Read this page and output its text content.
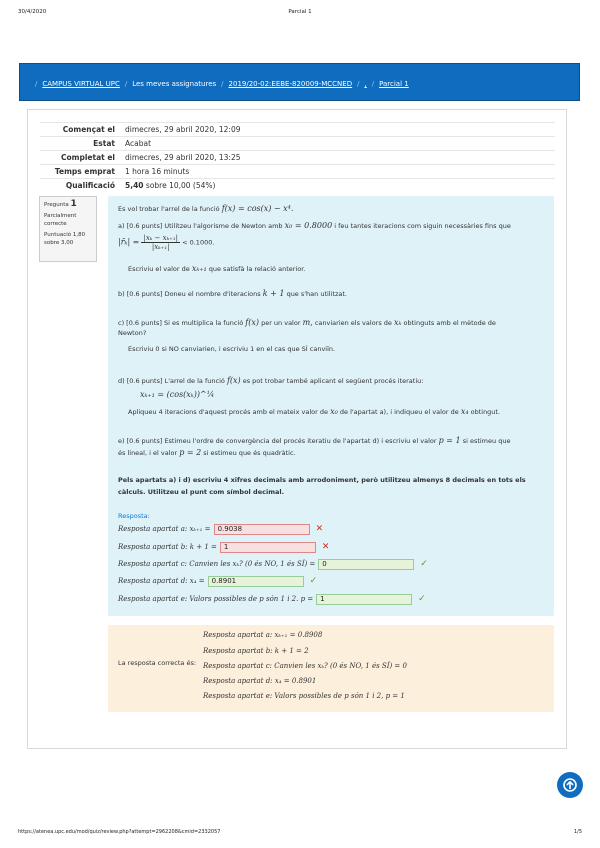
30/4/2020	Parcial 1
/ CAMPUS VIRTUAL UPC / Les meves assignatures / 2019/20-02:EEBE-820009-MCCNED / , / Parcial 1
Començat el	dimecres, 29 abril 2020, 12:09
Estat	Acabat
Completat el	dimecres, 29 abril 2020, 13:25
Temps emprat	1 hora 16 minuts
Qualificació	5,40 sobre 10,00 (54%)
Pregunta 1
Parcialment correcte
Puntuació 1,80 sobre 3,00
Es vol trobar l'arrel de la funció f(x) = cos(x) − x⁴.
a) [0.6 punts] Utilitzeu l'algorisme de Newton amb x₀ = 0.8000 i feu tantes iteracions com siguin necessàries fins que
|ȓₖ| = $\frac{\text{|xₖ − xₖ₊₁|}}{\text{|xₖ₊₁|}} < 0.1000$.
Escriviu el valor de xₖ₊₁ que satisfà la relació anterior.
b) [0.6 punts] Doneu el nombre d'iteracions k + 1 que s'han utilitzat.
c) [0.6 punts] Si es multiplica la funció f(x) per un valor m, canviarien els valors de xₖ obtinguts amb el mètode de
Newton?
Escriviu 0 si NO canviarien, i escriviu 1 en el cas que SÍ canviïn.
d) [0.6 punts] L'arrel de la funció f(x) es pot trobar també aplicant el següent procés iteratiu:
xₖ₊₁ = (cos(xₖ))^¼
Apliqueu 4 iteracions d'aquest procés amb el mateix valor de x₀ de l'apartat a), i indiqueu el valor de x₄ obtingut.
e) [0.6 punts] Estimeu l'ordre de convergència del procés iteratiu de l'apartat d) i escriviu el valor p = 1 si estimeu que
és lineal, i el valor p = 2 si estimeu que és quadràtic.
Pels apartats a) i d) escriviu 4 xifres decimals amb arrodoniment, però utilitzeu almenys 8 decimals en tots els
càlculs. Utilitzeu el punt com símbol decimal.
Resposta:
Resposta apartat a: xₖ₊₁ =
0.9038	✕
Resposta apartat b: k + 1 =
1	✕
Resposta apartat c: Canvien les xₖ? (0 és NO, 1 és SÍ) =
0	✓
Resposta apartat d: x₄ =
0.8901	✓
Resposta apartat e: Valors possibles de p són 1 i 2. p =
1	✓
La resposta correcta és:
Resposta apartat a: xₖ₊₁ = 0.8908
Resposta apartat b: k + 1 = 2
Resposta apartat c: Canvien les xₖ? (0 és NO, 1 és SÍ) = 0
Resposta apartat d: x₄ = 0.8901
Resposta apartat e: Valors possibles de p són 1 i 2, p = 1
https://atenea.upc.edu/mod/quiz/review.php?attempt=2962208&cmid=2332057	1/5
